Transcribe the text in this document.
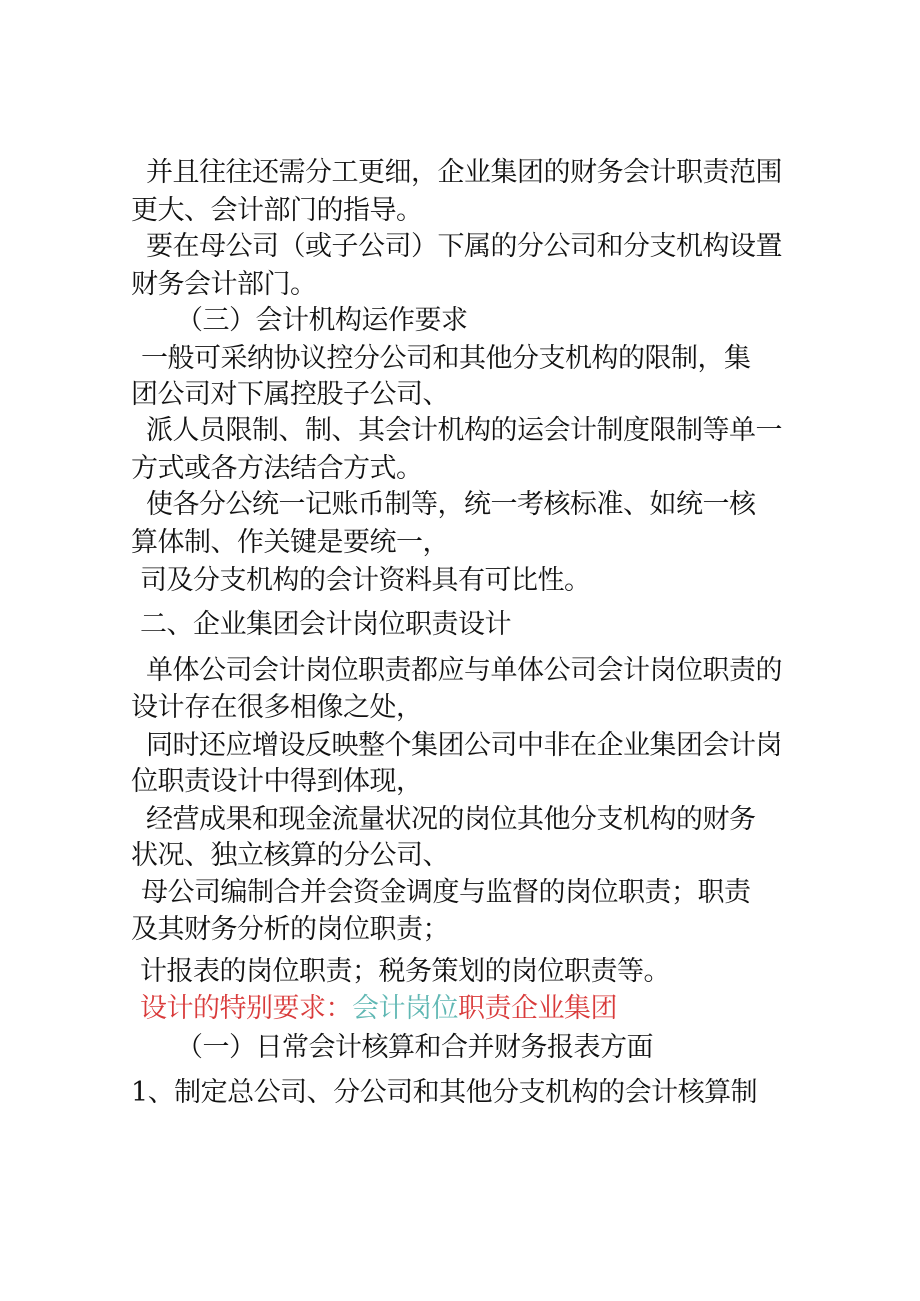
并且往往还需分工更细，企业集团的财务会计职责范围

更大、会计部门的指导。

要在母公司（或子公司）下属的分公司和分支机构设置

财务会计部门。

（三）会计机构运作要求

一般可采纳协议控分公司和其他分支机构的限制，集

团公司对下属控股子公司、

派人员限制、制、其会计机构的运会计制度限制等单一

方式或各方法结合方式。

使各分公统一记账币制等，统一考核标准、如统一核

算体制、作关键是要统一，

司及分支机构的会计资料具有可比性。

二、企业集团会计岗位职责设计

单体公司会计岗位职责都应与单体公司会计岗位职责的

设计存在很多相像之处，

同时还应增设反映整个集团公司中非在企业集团会计岗

位职责设计中得到体现，

经营成果和现金流量状况的岗位其他分支机构的财务

状况、独立核算的分公司、

母公司编制合并会资金调度与监督的岗位职责；职责

及其财务分析的岗位职责；

计报表的岗位职责；税务策划的岗位职责等。

设计的特别要求：会计岗位职责企业集团

（一）日常会计核算和合并财务报表方面

1、制定总公司、分公司和其他分支机构的会计核算制
